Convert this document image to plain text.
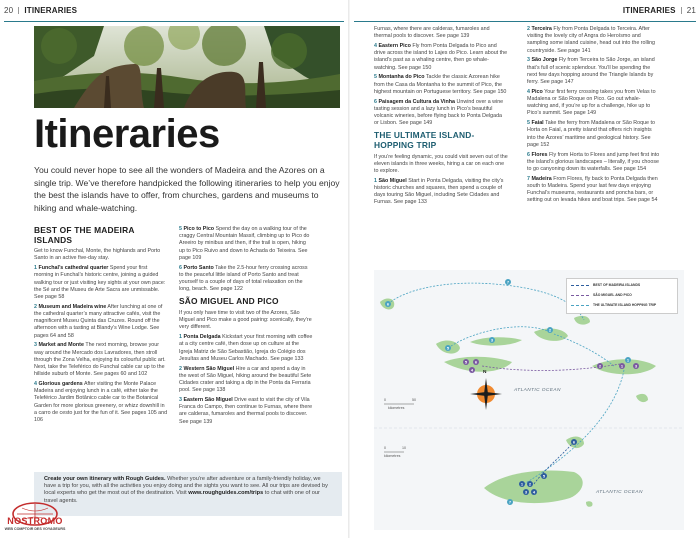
20 ITINERARIES
Itineraries
You could never hope to see all the wonders of Madeira and the Azores on a single trip. We’ve therefore handpicked the following itineraries to help you enjoy the best the islands have to offer, from churches, gardens and museums to hiking and whale-watching.
BEST OF THE MADEIRA ISLANDS

Get to know Funchal, Monte, the highlands and Porto Santo in an active five-day stay.

1 Funchal’s cathedral quarter Spend your first morning in Funchal’s historic centre, joining a guided walking tour or just visiting key sights at your own pace: the Sé and the Museu de Arte Sacra are unmissable. See page 58

2 Museum and Madeira wine After lunching at one of the cathedral quarter’s many attractive cafés, visit the magnificent Museu Quinta das Cruzes. Round off the afternoon with a tasting at Blandy’s Wine Lodge. See pages 64 and 58

3 Market and Monte The next morning, browse your way around the Mercado dos Lavradores, then stroll through the Zona Velha, enjoying its colourful public art. Next, take the Teleférico do Funchal cable car up to the hillside suburb of Monte. See pages 60 and 102

4 Glorious gardens After visiting the Monte Palace Madeira and enjoying lunch in a café, either take the Teleférico Jardim Botânico cable car to the Botanical Garden for more glorious greenery, or whizz downhill in a carro de cesto just for the fun of it. See pages 105 and 106

5 Pico to Pico Spend the day on a walking tour of the craggy Central Mountain Massif, climbing up to Pico do Areeiro by minibus and then, if the trail is open, hiking up to Pico Ruivo and down to Achada do Teixeira. See page 109

6 Porto Santo Take the 2.5-hour ferry crossing across to the peaceful little island of Porto Santo and treat yourself to a couple of days of total relaxation on the long, beach. See page 122

SÃO MIGUEL AND PICO

If you only have time to visit two of the Azores, São Miguel and Pico make a good pairing: scenically, they’re very different.

1 Ponta Delgada Kickstart your first morning with coffee at a city centre café, then dose up on culture at the Igreja Matriz de São Sebastião, Igreja do Colégio dos Jesuítas and Museu Carlos Machado. See page 133

2 Western São Miguel Hire a car and spend a day in the west of São Miguel, hiking around the beautiful Sete Cidades crater and taking a dip in the Ponta da Ferraria pool. See page 138

3 Eastern São Miguel Drive east to visit the city of Vila Franca do Campo, then continue to Furnas, where there are calderas, fumaroles and thermal pools to discover. See page 139

Create your own itinerary with Rough Guides. Whether you’re after adventure or a family-friendly holiday, we have a trip for you, with all the activities you enjoy doing and the sights you want to see. All our trips are devised by local experts who get the most out of the destination. Visit www.roughguides.com/trips to chat with one of our travel agents.
NOSTROMO
WEB COMPTOIR DES VOYAGEURS
ITINERARIES 21

Furnas, where there are calderas, fumaroles and thermal pools to discover. See page 139

4 Eastern Pico Fly from Ponta Delgada to Pico and drive across the island to Lajes do Pico. Learn about the island’s past as a whaling centre, then go whale-watching. See page 150

5 Montanha do Pico Tackle the classic Azorean hike from the Casa da Montanha to the summit of Pico, the highest mountain on Portuguese territory. See page 150

6 Paisagem da Cultura da Vinha Unwind over a wine tasting session and a lazy lunch in Pico’s beautiful volcanic wineries, before flying back to Ponta Delgada or Lisbon. See page 149

THE ULTIMATE ISLAND-HOPPING TRIP

If you’re feeling dynamic, you could visit seven out of the eleven islands in three weeks, hiring a car on each one to explore.

1 São Miguel Start in Ponta Delgada, visiting the city’s historic churches and squares, then spend a couple of days touring São Miguel, including Sete Cidades and Furnas. See page 133

2 Terceira Fly from Ponta Delgada to Terceira. After visiting the lovely city of Angra do Heroísmo and sampling some island cuisine, head out into the rolling countryside. See page 141

3 São Jorge Fly from Terceira to São Jorge, an island that’s full of scenic splendour. You’ll be spending the next few days hopping around the Triangle Islands by ferry. See page 147

4 Pico Your first ferry crossing takes you from Velas to Madalena or São Roque on Pico. Go out whale-watching and, if you’re up for a challenge, hike up to Pico’s summit. See page 149

5 Faial Take the ferry from Madalena or São Roque to Horta on Faial, a pretty island that offers rich insights into the Azores’ maritime and geological history. See page 152

6 Flores Fly from Horta to Flores and jump feet first into the island’s glorious landscapes – literally, if you choose to go canyoning down its waterfalls. See page 154

7 Madeira From Flores, fly back to Ponta Delgada then south to Madeira. Spend your last few days enjoying Funchal’s museums, restaurants and poncha bars, or setting out on levada hikes and boat trips. See page 54

6
7
2
3
5
5 6
4
2	1	3
1
6
5
1 2
3 4
7
ATLANTIC OCEAN
ATLANTIC OCEAN
N
0	50
kilometres
0	10
kilometres
BEST OF MADEIRA ISLANDS
SÃO MIGUEL AND PICO
THE ULTIMATE ISLAND HOPPING TRIP
